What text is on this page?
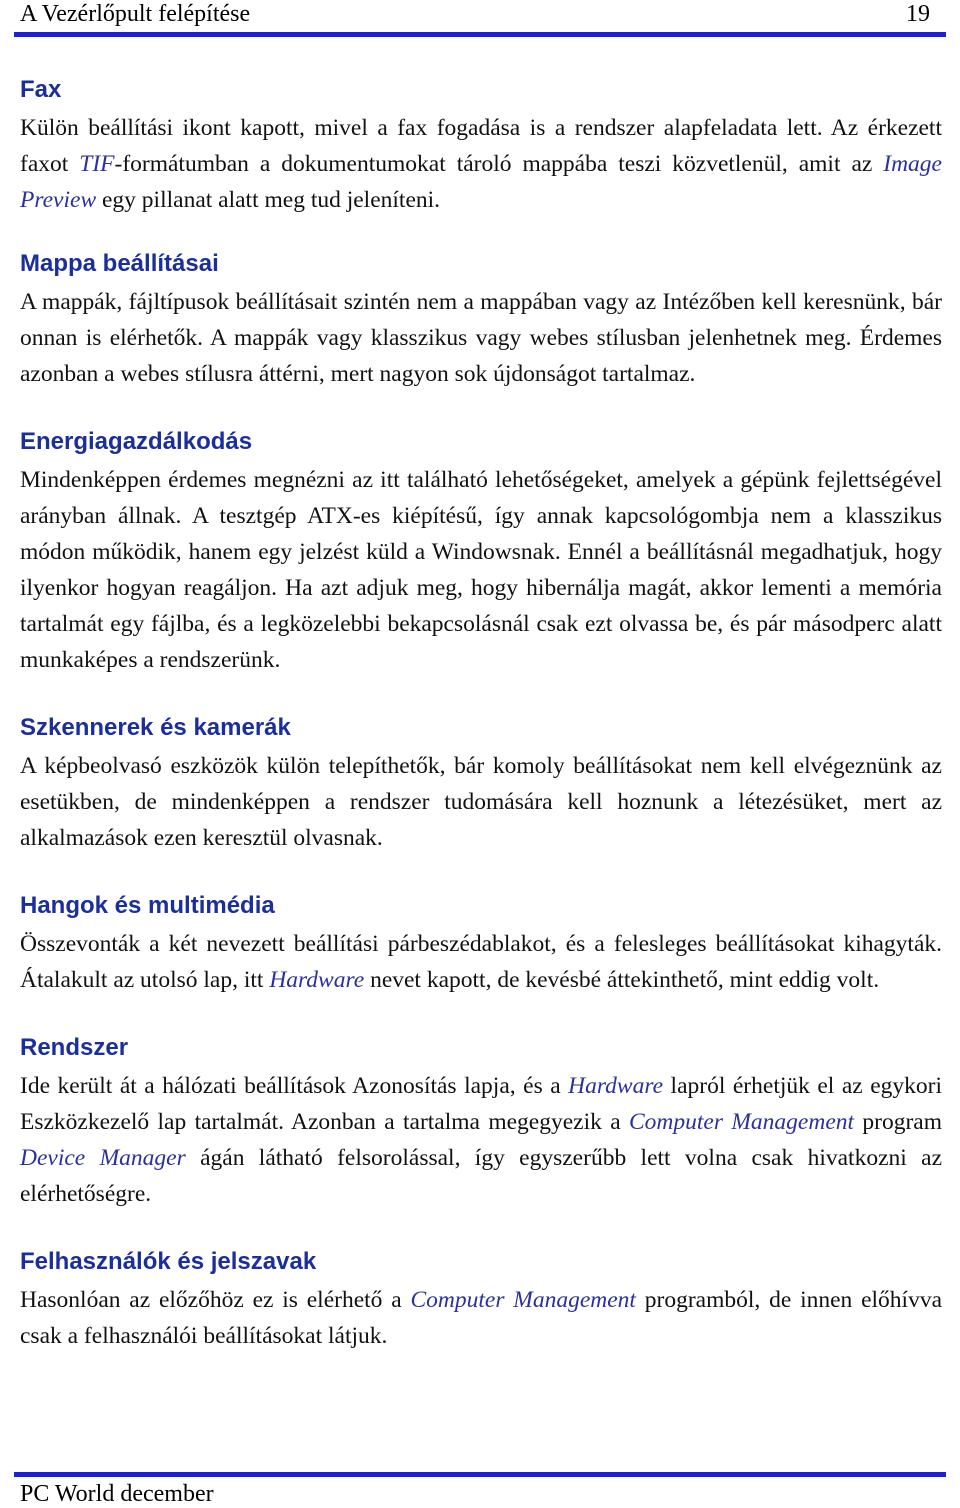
A Vezérlőpult felépítése	19
Fax

Külön beállítási ikont kapott, mivel a fax fogadása is a rendszer alapfeladata lett. Az érkezett faxot TIF-formátumban a dokumentumokat tároló mappába teszi közvetlenül, amit az Image Preview egy pillanat alatt meg tud jeleníteni.

Mappa beállításai

A mappák, fájltípusok beállításait szintén nem a mappában vagy az Intézőben kell keresnünk, bár onnan is elérhetők. A mappák vagy klasszikus vagy webes stílusban jelenhetnek meg. Érdemes azonban a webes stílusra áttérni, mert nagyon sok újdonságot tartalmaz.

Energiagazdálkodás

Mindenképpen érdemes megnézni az itt található lehetőségeket, amelyek a gépünk fejlettségével arányban állnak. A tesztgép ATX-es kiépítésű, így annak kapcsológombja nem a klasszikus módon működik, hanem egy jelzést küld a Windowsnak. Ennél a beállításnál megadhatjuk, hogy ilyenkor hogyan reagáljon. Ha azt adjuk meg, hogy hibernálja magát, akkor lementi a memória tartalmát egy fájlba, és a legközelebbi bekapcsolásnál csak ezt olvassa be, és pár másodperc alatt munkaképes a rendszerünk.

Szkennerek és kamerák

A képbeolvasó eszközök külön telepíthetők, bár komoly beállításokat nem kell elvégeznünk az esetükben, de mindenképpen a rendszer tudomására kell hoznunk a létezésüket, mert az alkalmazások ezen keresztül olvasnak.

Hangok és multimédia

Összevonták a két nevezett beállítási párbeszédablakot, és a felesleges beállításokat kihagyták. Átalakult az utolsó lap, itt Hardware nevet kapott, de kevésbé áttekinthető, mint eddig volt.

Rendszer

Ide került át a hálózati beállítások Azonosítás lapja, és a Hardware lapról érhetjük el az egykori Eszközkezelő lap tartalmát. Azonban a tartalma megegyezik a Computer Management program Device Manager ágán látható felsorolással, így egyszerűbb lett volna csak hivatkozni az elérhetőségre.

Felhasználók és jelszavak

Hasonlóan az előzőhöz ez is elérhető a Computer Management programból, de innen előhívva csak a felhasználói beállításokat látjuk.

PC World december
